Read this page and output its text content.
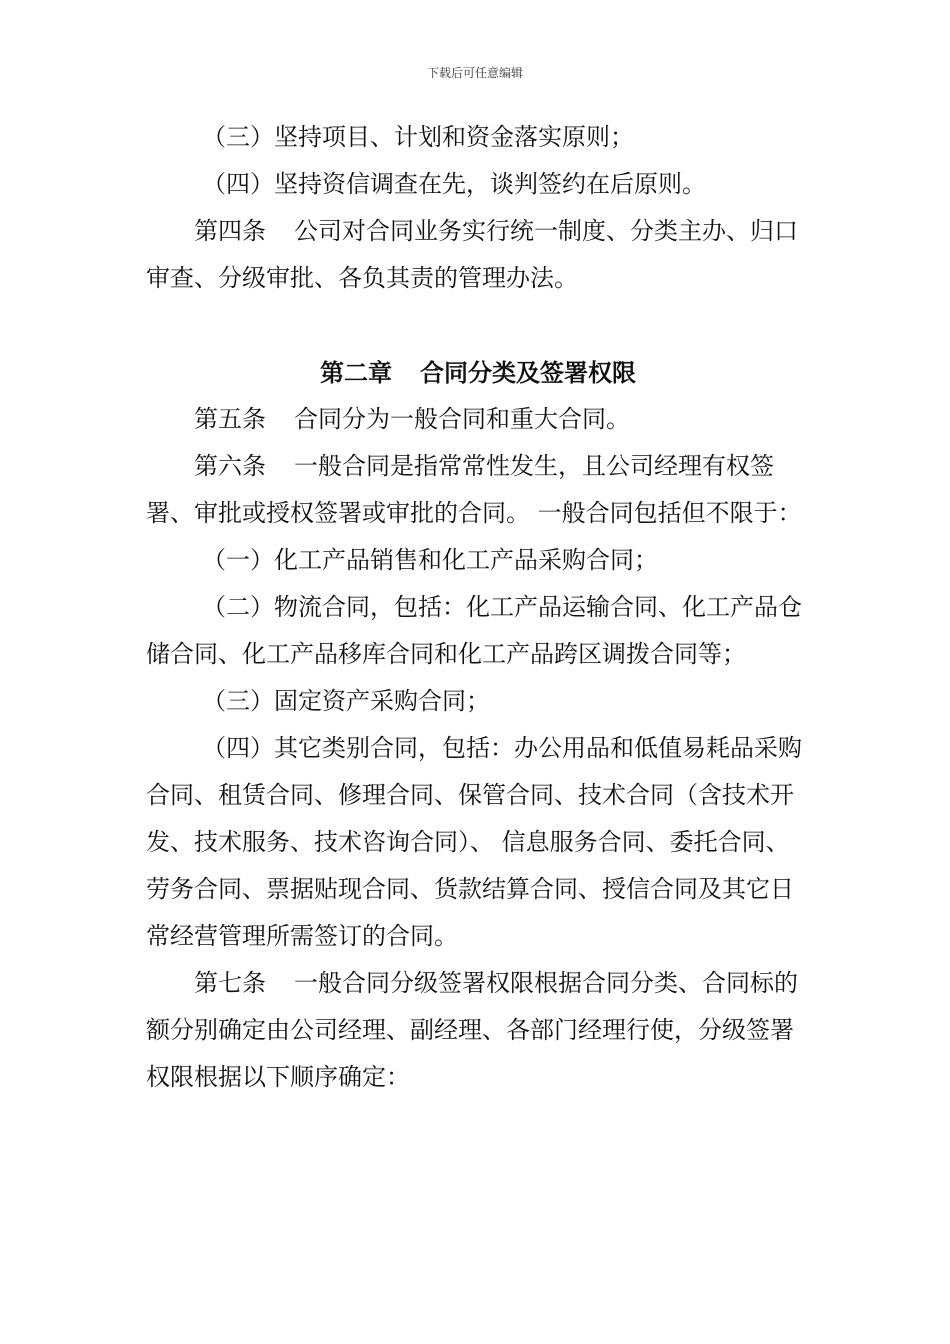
下载后可任意编辑

（三）坚持项目、计划和资金落实原则；

（四）坚持资信调查在先，谈判签约在后原则。

第四条 公司对合同业务实行统一制度、分类主办、归口审查、分级审批、各负其责的管理办法。

第二章 合同分类及签署权限

第五条 合同分为一般合同和重大合同。

第六条 一般合同是指常常性发生，且公司经理有权签署、审批或授权签署或审批的合同。 一般合同包括但不限于：

（一）化工产品销售和化工产品采购合同；

（二）物流合同，包括：化工产品运输合同、化工产品仓储合同、化工产品移库合同和化工产品跨区调拨合同等；

（三）固定资产采购合同；

（四）其它类别合同，包括：办公用品和低值易耗品采购合同、租赁合同、修理合同、保管合同、技术合同（含技术开发、技术服务、技术咨询合同）、 信息服务合同、委托合同、劳务合同、票据贴现合同、货款结算合同、授信合同及其它日常经营管理所需签订的合同。

第七条 一般合同分级签署权限根据合同分类、合同标的额分别确定由公司经理、副经理、各部门经理行使，分级签署权限根据以下顺序确定：
